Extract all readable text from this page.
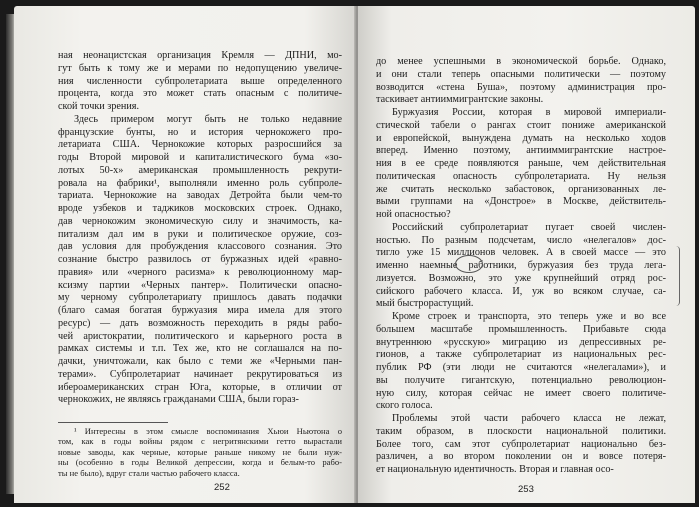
ная неонацистская организация Кремля — ДПНИ, мо-
гут быть к тому же и мерами по недопущению увеличе-
ния численности субпролетариата выше определенного
процента, когда это может стать опасным с политиче-
ской точки зрения.
Здесь примером могут быть не только недавние
французские бунты, но и история чернокожего про-
летариата США. Чернокожие которых разросшийся за
годы Второй мировой и капиталистического бума «зо-
лотых 50-х» американская промышленность рекрути-
ровала на фабрики¹, выполняли именно роль субпроле-
тариата. Чернокожие на заводах Детройта были чем-то
вроде узбеков и таджиков московских строек. Однако,
дав чернокожим экономическую силу и значимость, ка-
питализм дал им в руки и политическое оружие, соз-
дав условия для пробуждения классового сознания. Это
сознание быстро развилось от буржазных идей «равно-
правия» или «черного расизма» к революционному мар-
ксизму партии «Черных пантер». Политически опасно-
му черному субпролетариату пришлось давать подачки
(благо самая богатая буржуазия мира имела для этого
ресурс) — дать возможность переходить в ряды рабо-
чей аристократии, политического и карьерного роста в
рамках системы и т.п. Тех же, кто не соглашался на по-
дачки, уничтожали, как было с теми же «Черными пан-
терами». Субпролетариат начинает рекрутироваться из
ибероамериканских стран Юга, которые, в отличии от
чернокожих, не являясь гражданами США, были горaз-
¹ Интересны в этом смысле воспоминания Хьюи Ньютона о
том, как в годы войны рядом с негритянскими гетто вырастали
новые заводы, как черные, которые раньше никому не были нуж-
ны (особенно в годы Великой депрессии, когда и белым-то рабо-
ты не было), вдруг стали частью рабочего класса.
252
до менее успешными в экономической борьбе. Однако,
и они стали теперь опасными политически — поэтому
возводится «стена Буша», поэтому администрация про-
таскивает антииммигрантские законы.
Буржуазия России, которая в мировой империали-
стической табели о рангах стоит пониже американской
и европейской, вынуждена думать на несколько ходов
вперед. Именно поэтому, антииммигрантские настрое-
ния в ее среде появляются раньше, чем действительная
политическая опасность субпролетариата. Ну нельзя
же считать несколько забастовок, организованных ле-
выми группами на «Донстрое» в Москве, действитель-
ной опасностью?
Российский субпролетариат пугает своей числен-
ностью. По разным подсчетам, число «нелегалов» дос-
тигло уже 15 миллионов человек. А в своей массе — это
именно наемные работники, буржуазия без труда лега-
лизуется. Возможно, это уже крупнейший отряд рос-
сийского рабочего класса. И, уж во всяком случае, са-
мый быстрорастущий.
Кроме строек и транспорта, это теперь уже и во все
большем масштабе промышленность. Прибавьте сюда
внутреннюю «русскую» миграцию из депрессивных ре-
гионов, а также субпролетариат из национальных рес-
публик РФ (эти люди не считаются «нелегалами»), и
вы получите гигантскую, потенциально революцион-
ную силу, которая сейчас не имеет своего политиче-
ского голоса.
Проблемы этой части рабочего класса не лежат,
таким образом, в плоскости национальной политики.
Более того, сам этот субпролетариат национально без-
различен, а во втором поколении он и вовсе потеря-
ет национальную идентичность. Вторая и главная осо-
253
